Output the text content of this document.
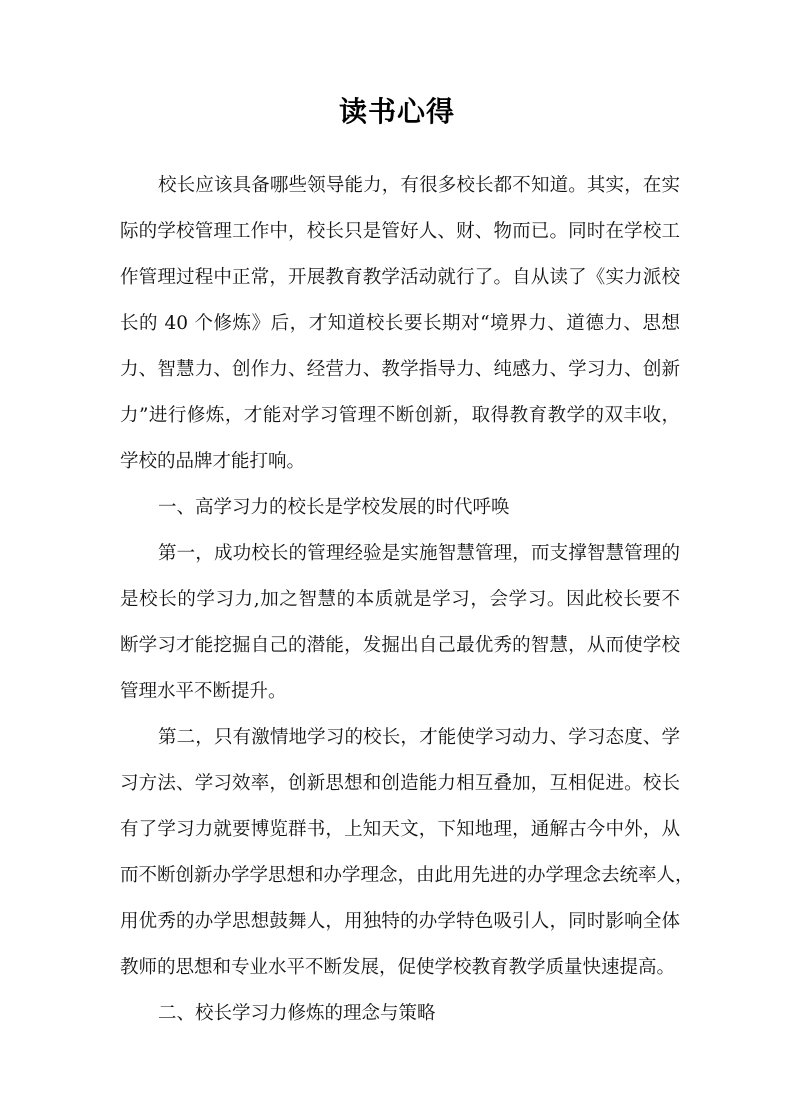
读书心得
校长应该具备哪些领导能力，有很多校长都不知道。其实，在实
际的学校管理工作中，校长只是管好人、财、物而已。同时在学校工
作管理过程中正常，开展教育教学活动就行了。自从读了《实力派校
长的 40 个修炼》后，才知道校长要长期对“境界力、道德力、思想
力、智慧力、创作力、经营力、教学指导力、纯感力、学习力、创新
力”进行修炼，才能对学习管理不断创新，取得教育教学的双丰收，
学校的品牌才能打响。
一、高学习力的校长是学校发展的时代呼唤
第一，成功校长的管理经验是实施智慧管理，而支撑智慧管理的
是校长的学习力,加之智慧的本质就是学习，会学习。因此校长要不
断学习才能挖掘自己的潜能，发掘出自己最优秀的智慧，从而使学校
管理水平不断提升。
第二，只有激情地学习的校长，才能使学习动力、学习态度、学
习方法、学习效率，创新思想和创造能力相互叠加，互相促进。校长
有了学习力就要博览群书，上知天文，下知地理，通解古今中外，从
而不断创新办学学思想和办学理念，由此用先进的办学理念去统率人，
用优秀的办学思想鼓舞人，用独特的办学特色吸引人，同时影响全体
教师的思想和专业水平不断发展，促使学校教育教学质量快速提高。
二、校长学习力修炼的理念与策略
